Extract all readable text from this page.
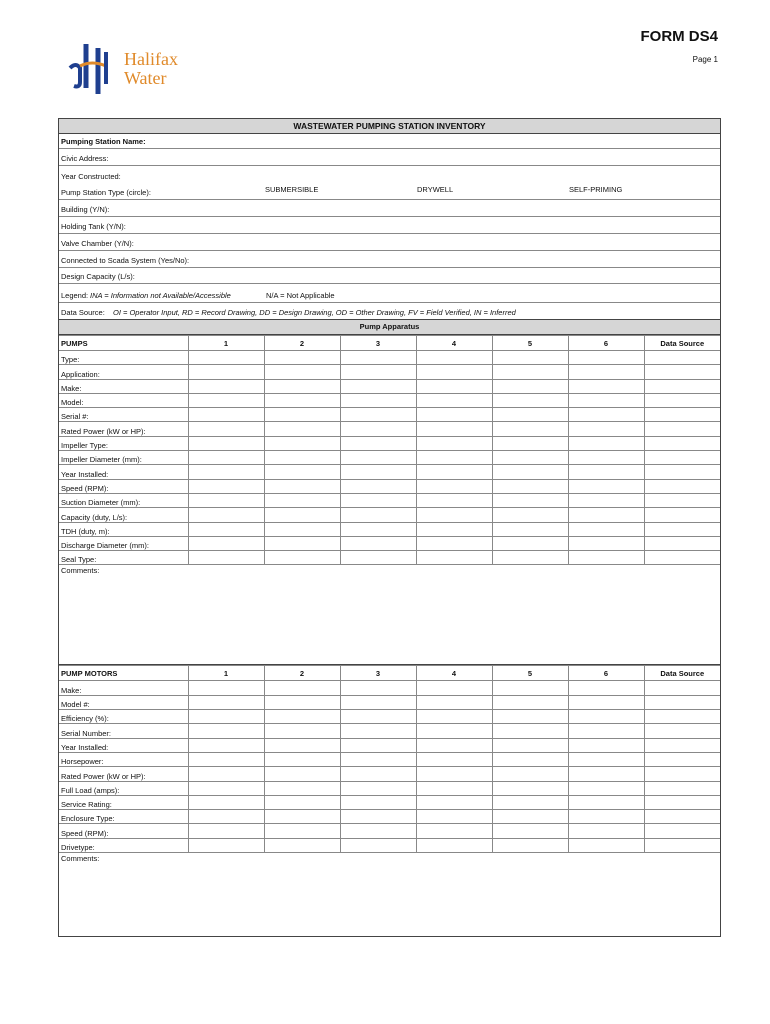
Halifax
Water
FORM DS4
Page 1
WASTEWATER PUMPING STATION INVENTORY
Pumping Station Name:
Civic Address:
Year Constructed:
Pump Station Type (circle):	SUBMERSIBLE	DRYWELL	SELF-PRIMING
Building (Y/N):
Holding Tank (Y/N):
Valve Chamber (Y/N):
Connected to Scada System (Yes/No):
Design Capacity (L/s):
Legend: INA = Information not Available/Accessible	N/A = Not Applicable
Data Source: OI = Operator Input, RD = Record Drawing, DD = Design Drawing, OD = Other Drawing, FV = Field Verified, IN = Inferred
Pump Apparatus
PUMPS	1	2	3	4	5	6	Data Source
Type:							
Application:							
Make:							
Model:							
Serial #:							
Rated Power (kW or HP):							
Impeller Type:							
Impeller Diameter (mm):							
Year Installed:							
Speed (RPM):							
Suction Diameter (mm):							
Capacity (duty, L/s):							
TDH (duty, m):							
Discharge Diameter (mm):							
Seal Type:							
Comments:
PUMP MOTORS	1	2	3	4	5	6	Data Source
Make:							
Model #:							
Efficiency (%):							
Serial Number:							
Year Installed:							
Horsepower:							
Rated Power (kW or HP):							
Full Load (amps):							
Service Rating:							
Enclosure Type:							
Speed (RPM):							
Drivetype:							
Comments:
